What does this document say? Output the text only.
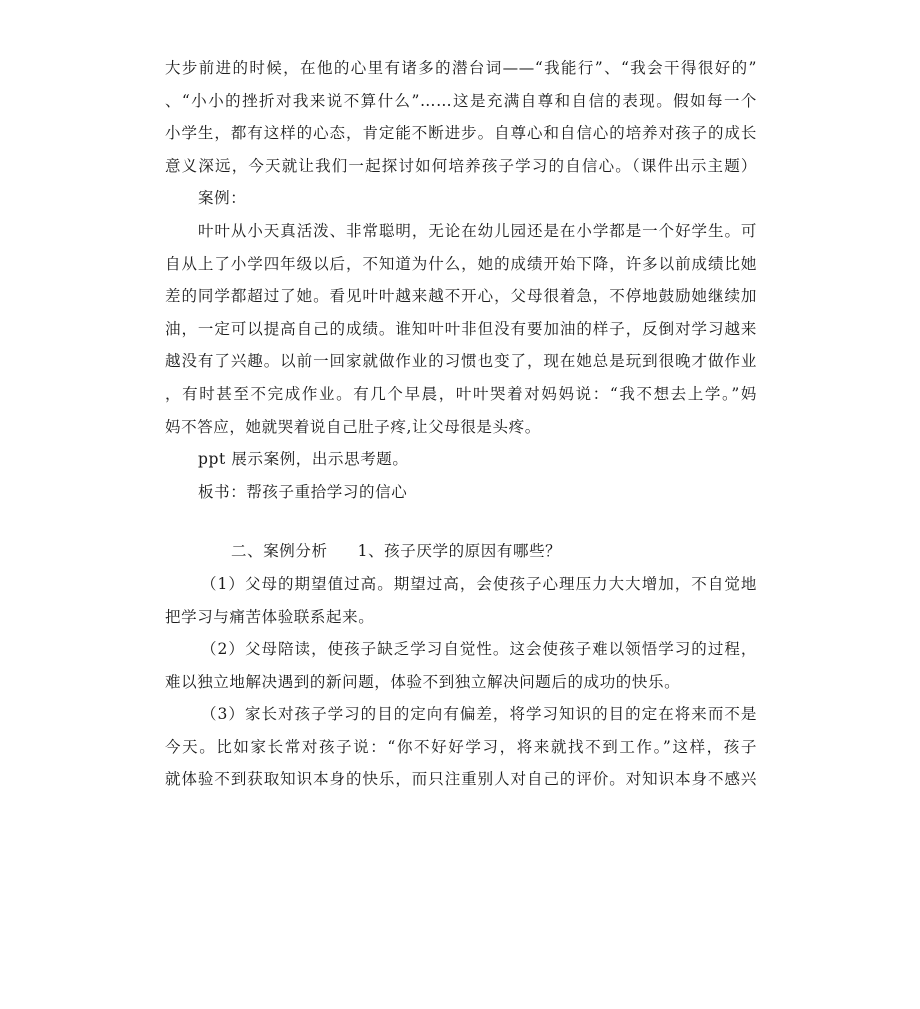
大步前进的时候，在他的心里有诸多的潜台词——“我能行”、“我会干得很好的”
、“小小的挫折对我来说不算什么”……这是充满自尊和自信的表现。假如每一个
小学生，都有这样的心态，肯定能不断进步。自尊心和自信心的培养对孩子的成长
意义深远，今天就让我们一起探讨如何培养孩子学习的自信心。（课件出示主题）
案例：
叶叶从小天真活泼、非常聪明，无论在幼儿园还是在小学都是一个好学生。可
自从上了小学四年级以后，不知道为什么，她的成绩开始下降，许多以前成绩比她
差的同学都超过了她。看见叶叶越来越不开心，父母很着急，不停地鼓励她继续加
油，一定可以提高自己的成绩。谁知叶叶非但没有要加油的样子，反倒对学习越来
越没有了兴趣。以前一回家就做作业的习惯也变了，现在她总是玩到很晚才做作业
，有时甚至不完成作业。有几个早晨，叶叶哭着对妈妈说：“我不想去上学。”妈
妈不答应，她就哭着说自己肚子疼,让父母很是头疼。
ppt 展示案例，出示思考题。
板书：帮孩子重拾学习的信心
二、案例分析 1、孩子厌学的原因有哪些？
（1）父母的期望值过高。期望过高，会使孩子心理压力大大增加，不自觉地
把学习与痛苦体验联系起来。
（2）父母陪读，使孩子缺乏学习自觉性。这会使孩子难以领悟学习的过程，
难以独立地解决遇到的新问题，体验不到独立解决问题后的成功的快乐。
（3）家长对孩子学习的目的定向有偏差，将学习知识的目的定在将来而不是
今天。比如家长常对孩子说：“你不好好学习，将来就找不到工作。”这样，孩子
就体验不到获取知识本身的快乐，而只注重别人对自己的评价。对知识本身不感兴
